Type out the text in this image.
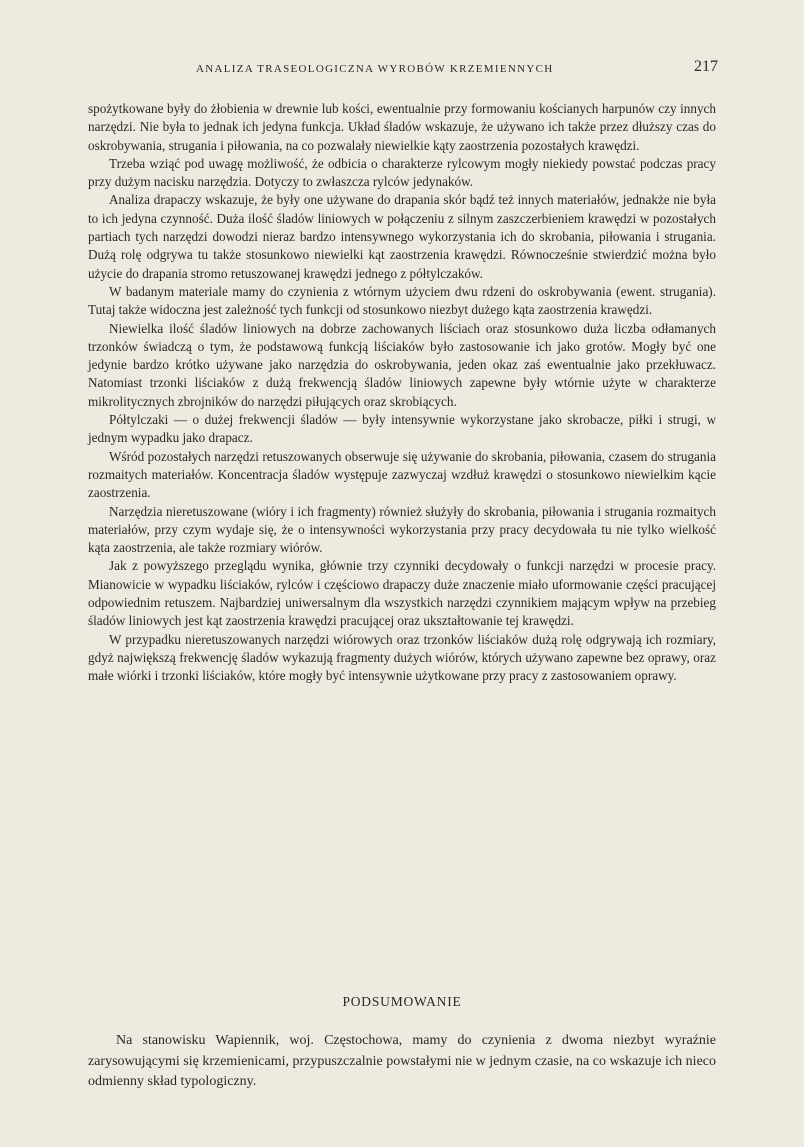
ANALIZA TRASEOLOGICZNA WYROBÓW KRZEMIENNYCH	217

spożytkowane były do żłobienia w drewnie lub kości, ewentualnie przy formowaniu kościanych harpunów czy innych narzędzi. Nie była to jednak ich jedyna funkcja. Układ śladów wskazuje, że używano ich także przez dłuższy czas do oskrobywania, strugania i piłowania, na co pozwalały niewielkie kąty zaostrzenia pozostałych krawędzi.

Trzeba wziąć pod uwagę możliwość, że odbicia o charakterze rylcowym mogły niekiedy powstać podczas pracy przy dużym nacisku narzędzia. Dotyczy to zwłaszcza rylców jedynaków.

Analiza drapaczy wskazuje, że były one używane do drapania skór bądź też innych materiałów, jednakże nie była to ich jedyna czynność. Duża ilość śladów liniowych w połączeniu z silnym zaszczerbieniem krawędzi w pozostałych partiach tych narzędzi dowodzi nieraz bardzo intensywnego wykorzystania ich do skrobania, piłowania i strugania. Dużą rolę odgrywa tu także stosunkowo niewielki kąt zaostrzenia krawędzi. Równocześnie stwierdzić można było użycie do drapania stromo retuszowanej krawędzi jednego z półtylczaków.

W badanym materiale mamy do czynienia z wtórnym użyciem dwu rdzeni do oskrobywania (ewent. strugania). Tutaj także widoczna jest zależność tych funkcji od stosunkowo niezbyt dużego kąta zaostrzenia krawędzi.

Niewielka ilość śladów liniowych na dobrze zachowanych liściach oraz stosunkowo duża liczba odłamanych trzonków świadczą o tym, że podstawową funkcją liściaków było zastosowanie ich jako grotów. Mogły być one jedynie bardzo krótko używane jako narzędzia do oskrobywania, jeden okaz zaś ewentualnie jako przekłuwacz. Natomiast trzonki liściaków z dużą frekwencją śladów liniowych zapewne były wtórnie użyte w charakterze mikrolitycznych zbrojników do narzędzi piłujących oraz skrobiących.

Półtylczaki — o dużej frekwencji śladów — były intensywnie wykorzystane jako skrobacze, piłki i strugi, w jednym wypadku jako drapacz.

Wśród pozostałych narzędzi retuszowanych obserwuje się używanie do skrobania, piłowania, czasem do strugania rozmaitych materiałów. Koncentracja śladów występuje zazwyczaj wzdłuż krawędzi o stosunkowo niewielkim kącie zaostrzenia.

Narzędzia nieretuszowane (wióry i ich fragmenty) również służyły do skrobania, piłowania i strugania rozmaitych materiałów, przy czym wydaje się, że o intensywności wykorzystania przy pracy decydowała tu nie tylko wielkość kąta zaostrzenia, ale także rozmiary wiórów.

Jak z powyższego przeglądu wynika, głównie trzy czynniki decydowały o funkcji narzędzi w procesie pracy. Mianowicie w wypadku liściaków, rylców i częściowo drapaczy duże znaczenie miało uformowanie części pracującej odpowiednim retuszem. Najbardziej uniwersalnym dla wszystkich narzędzi czynnikiem mającym wpływ na przebieg śladów liniowych jest kąt zaostrzenia krawędzi pracującej oraz ukształtowanie tej krawędzi.

W przypadku nieretuszowanych narzędzi wiórowych oraz trzonków liściaków dużą rolę odgrywają ich rozmiary, gdyż największą frekwencję śladów wykazują fragmenty dużych wiórów, których używano zapewne bez oprawy, oraz małe wiórki i trzonki liściaków, które mogły być intensywnie użytkowane przy pracy z zastosowaniem oprawy.

PODSUMOWANIE

Na stanowisku Wapiennik, woj. Częstochowa, mamy do czynienia z dwoma niezbyt wyraźnie zarysowującymi się krzemienicami, przypuszczalnie powstałymi nie w jednym czasie, na co wskazuje ich nieco odmienny skład typologiczny.
